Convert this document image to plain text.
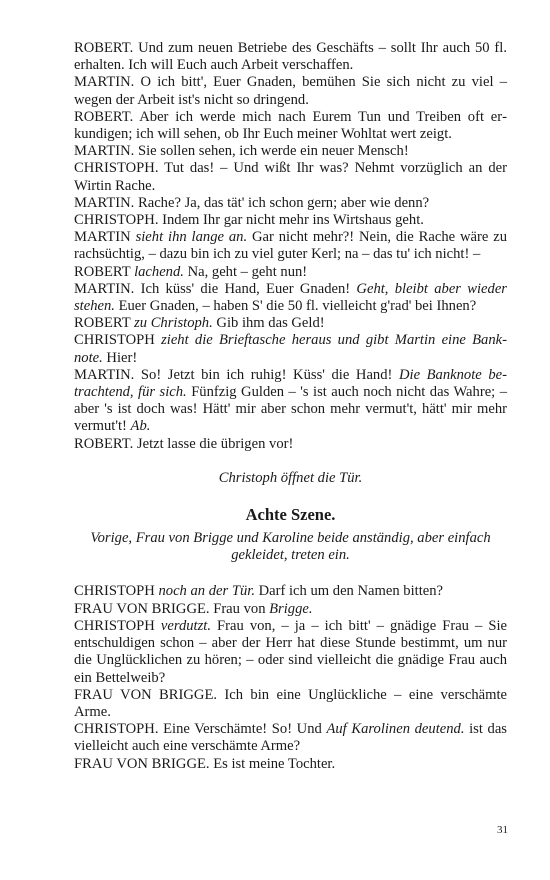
ROBERT. Und zum neuen Betriebe des Geschäfts – sollt Ihr auch 50 fl. erhalten. Ich will Euch auch Arbeit verschaffen.

MARTIN. O ich bitt', Euer Gnaden, bemühen Sie sich nicht zu viel – wegen der Arbeit ist's nicht so dringend.

ROBERT. Aber ich werde mich nach Eurem Tun und Treiben oft erkundigen; ich will sehen, ob Ihr Euch meiner Wohltat wert zeigt.

MARTIN. Sie sollen sehen, ich werde ein neuer Mensch!

CHRISTOPH. Tut das! – Und wißt Ihr was? Nehmt vorzüglich an der Wirtin Rache.

MARTIN. Rache? Ja, das tät' ich schon gern; aber wie denn?

CHRISTOPH. Indem Ihr gar nicht mehr ins Wirtshaus geht.

MARTIN sieht ihn lange an. Gar nicht mehr?! Nein, die Rache wäre zu rachsüchtig, – dazu bin ich zu viel guter Kerl; na – das tu' ich nicht! –

ROBERT lachend. Na, geht – geht nun!

MARTIN. Ich küss' die Hand, Euer Gnaden! Geht, bleibt aber wieder stehen. Euer Gnaden, – haben S' die 50 fl. vielleicht g'rad' bei Ihnen?

ROBERT zu Christoph. Gib ihm das Geld!

CHRISTOPH zieht die Brieftasche heraus und gibt Martin eine Banknote. Hier!

MARTIN. So! Jetzt bin ich ruhig! Küss' die Hand! Die Banknote betrachtend, für sich. Fünfzig Gulden – 's ist auch noch nicht das Wahre; – aber 's ist doch was! Hätt' mir aber schon mehr vermut't, hätt' mir mehr vermut't! Ab.

ROBERT. Jetzt lasse die übrigen vor!

Christoph öffnet die Tür.
Achte Szene.
Vorige, Frau von Brigge und Karoline beide anständig, aber einfach gekleidet, treten ein.

CHRISTOPH noch an der Tür. Darf ich um den Namen bitten?

FRAU VON BRIGGE. Frau von Brigge.

CHRISTOPH verdutzt. Frau von, – ja – ich bitt' – gnädige Frau – Sie entschuldigen schon – aber der Herr hat diese Stunde bestimmt, um nur die Unglücklichen zu hören; – oder sind vielleicht die gnädige Frau auch ein Bettelweib?

FRAU VON BRIGGE. Ich bin eine Unglückliche – eine verschämte Arme.

CHRISTOPH. Eine Verschämte! So! Und Auf Karolinen deutend. ist das vielleicht auch eine verschämte Arme?

FRAU VON BRIGGE. Es ist meine Tochter.

31
